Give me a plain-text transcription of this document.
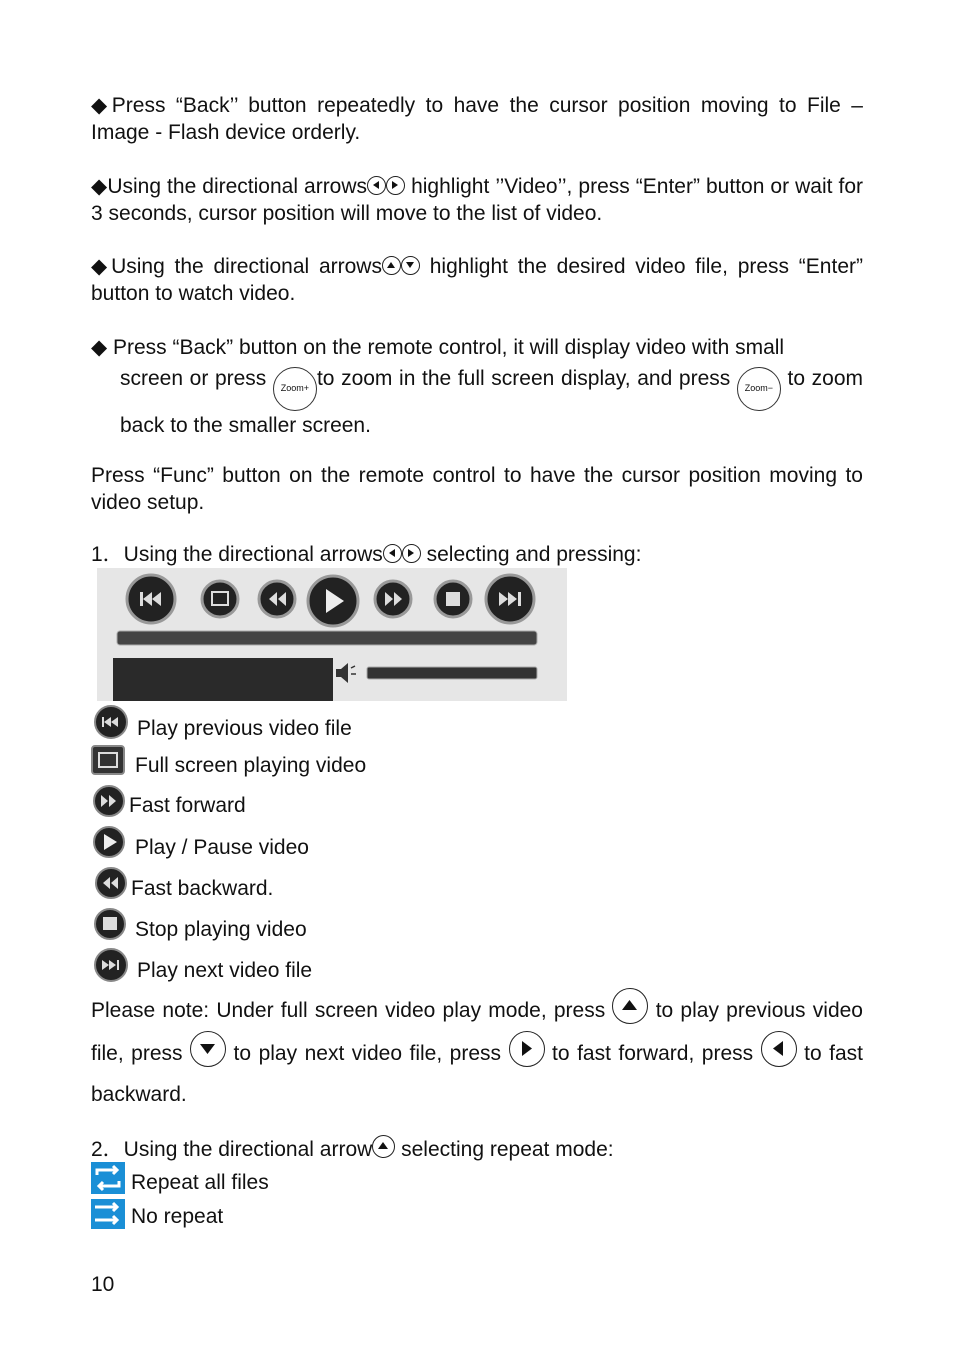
◆Press “Back’’ button repeatedly to have the cursor position moving to File – Image - Flash device orderly.

◆Using the directional arrows
highlight ’’Video’’, press “Enter” button or wait for 3 seconds, cursor position will move to the list of video.

◆Using the directional arrows
highlight the desired video file, press “Enter” button to watch video.

◆ Press “Back” button on the remote control, it will display video with small

screen or press Zoom+ to zoom in the full screen display, and press Zoom− to zoom back to the smaller screen.

Press “Func” button on the remote control to have the cursor position moving to video setup.

1．Using the directional arrows
selecting and pressing:

Play previous video file
Full screen playing video
Fast forward
Play / Pause video
Fast backward.
Stop playing video
Play next video file

Please note: Under full screen video play mode, press  to play previous video file, press  to play next video file, press  to fast forward, press  to fast backward.

2．Using the directional arrow
selecting repeat mode:

Repeat all files
No repeat
10
